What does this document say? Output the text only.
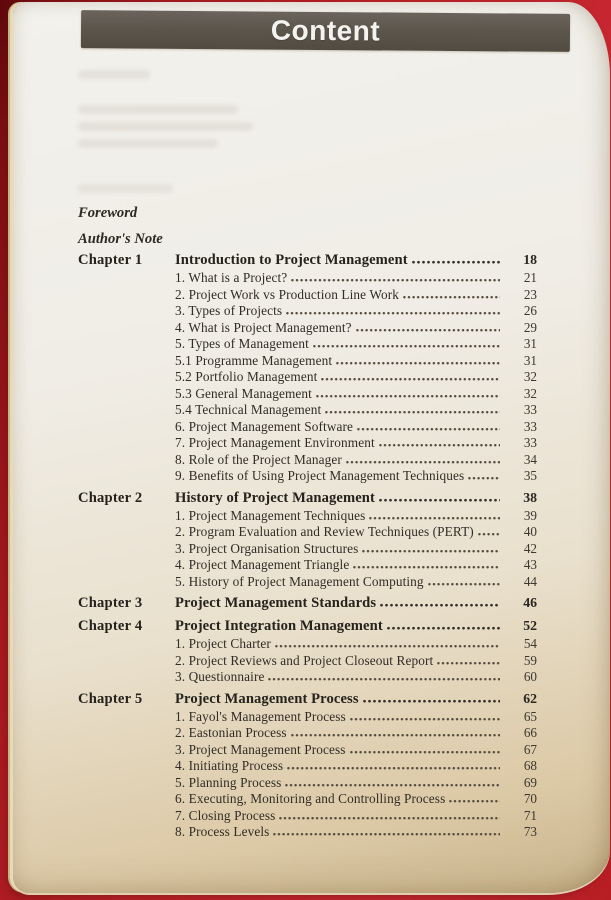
Content
Foreword
Author's Note
Chapter 1	Introduction to Project Management	18
1. What is a Project?	21
2. Project Work vs Production Line Work	23
3. Types of Projects	26
4. What is Project Management?	29
5. Types of Management	31
5.1 Programme Management	31
5.2 Portfolio Management	32
5.3 General Management	32
5.4 Technical Management	33
6. Project Management Software	33
7. Project Management Environment	33
8. Role of the Project Manager	34
9. Benefits of Using Project Management Techniques	35
Chapter 2	History of Project Management	38
1. Project Management Techniques	39
2. Program Evaluation and Review Techniques (PERT)	40
3. Project Organisation Structures	42
4. Project Management Triangle	43
5. History of Project Management Computing	44
Chapter 3	Project Management Standards	46
Chapter 4	Project Integration Management	52
1. Project Charter	54
2. Project Reviews and Project Closeout Report	59
3. Questionnaire	60
Chapter 5	Project Management Process	62
1. Fayol's Management Process	65
2. Eastonian Process	66
3. Project Management Process	67
4. Initiating Process	68
5. Planning Process	69
6. Executing, Monitoring and Controlling Process	70
7. Closing Process	71
8. Process Levels	73
